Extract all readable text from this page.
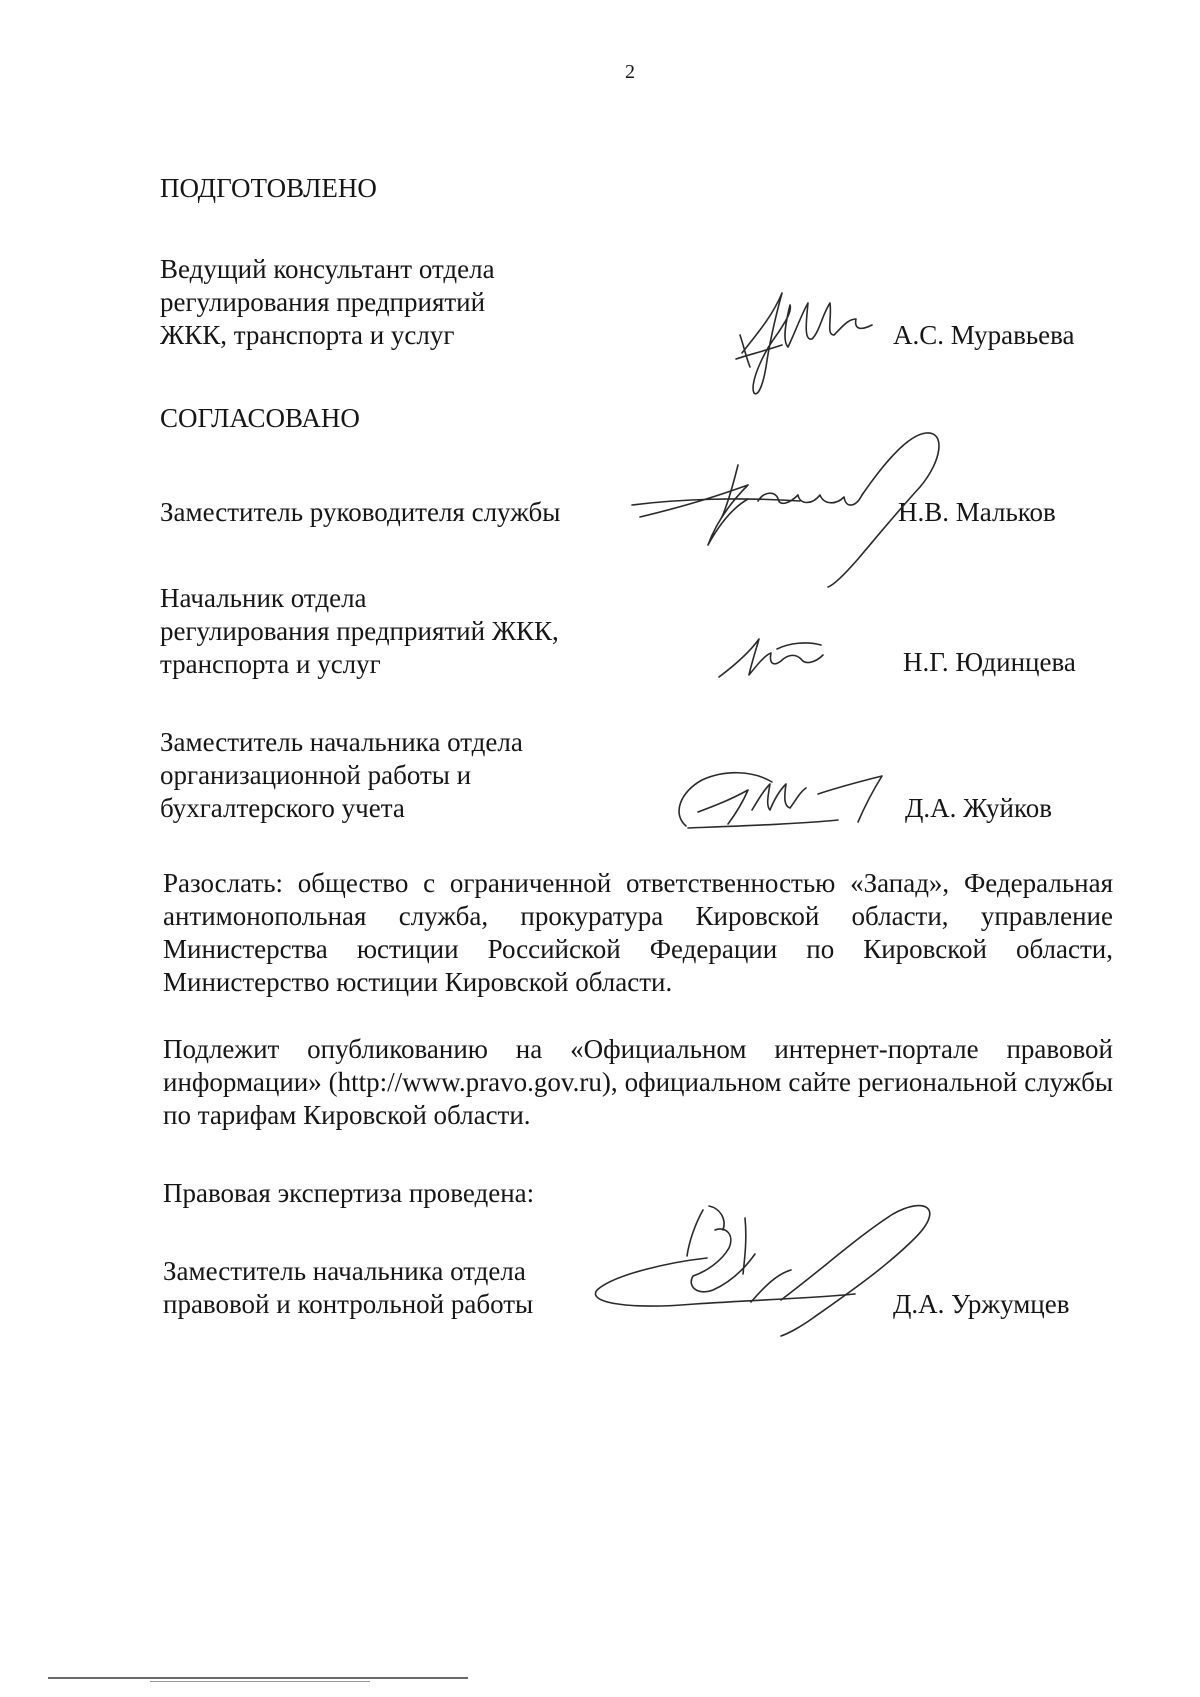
2
ПОДГОТОВЛЕНО
Ведущий консультант отдела
регулирования предприятий
ЖКК, транспорта и услуг	А.С. Муравьева
СОГЛАСОВАНО
Заместитель руководителя службы	Н.В. Мальков
Начальник отдела
регулирования предприятий ЖКК,
транспорта и услуг	Н.Г. Юдинцева
Заместитель начальника отдела
организационной работы и
бухгалтерского учета	Д.А. Жуйков
Разослать: общество с ограниченной ответственностью «Запад», Федеральная антимонопольная служба, прокуратура Кировской области, управление Министерства юстиции Российской Федерации по Кировской области, Министерство юстиции Кировской области.
Подлежит опубликованию на «Официальном интернет-портале правовой информации» (http://www.pravo.gov.ru), официальном сайте региональной службы по тарифам Кировской области.
Правовая экспертиза проведена:
Заместитель начальника отдела
правовой и контрольной работы	Д.А. Уржумцев
